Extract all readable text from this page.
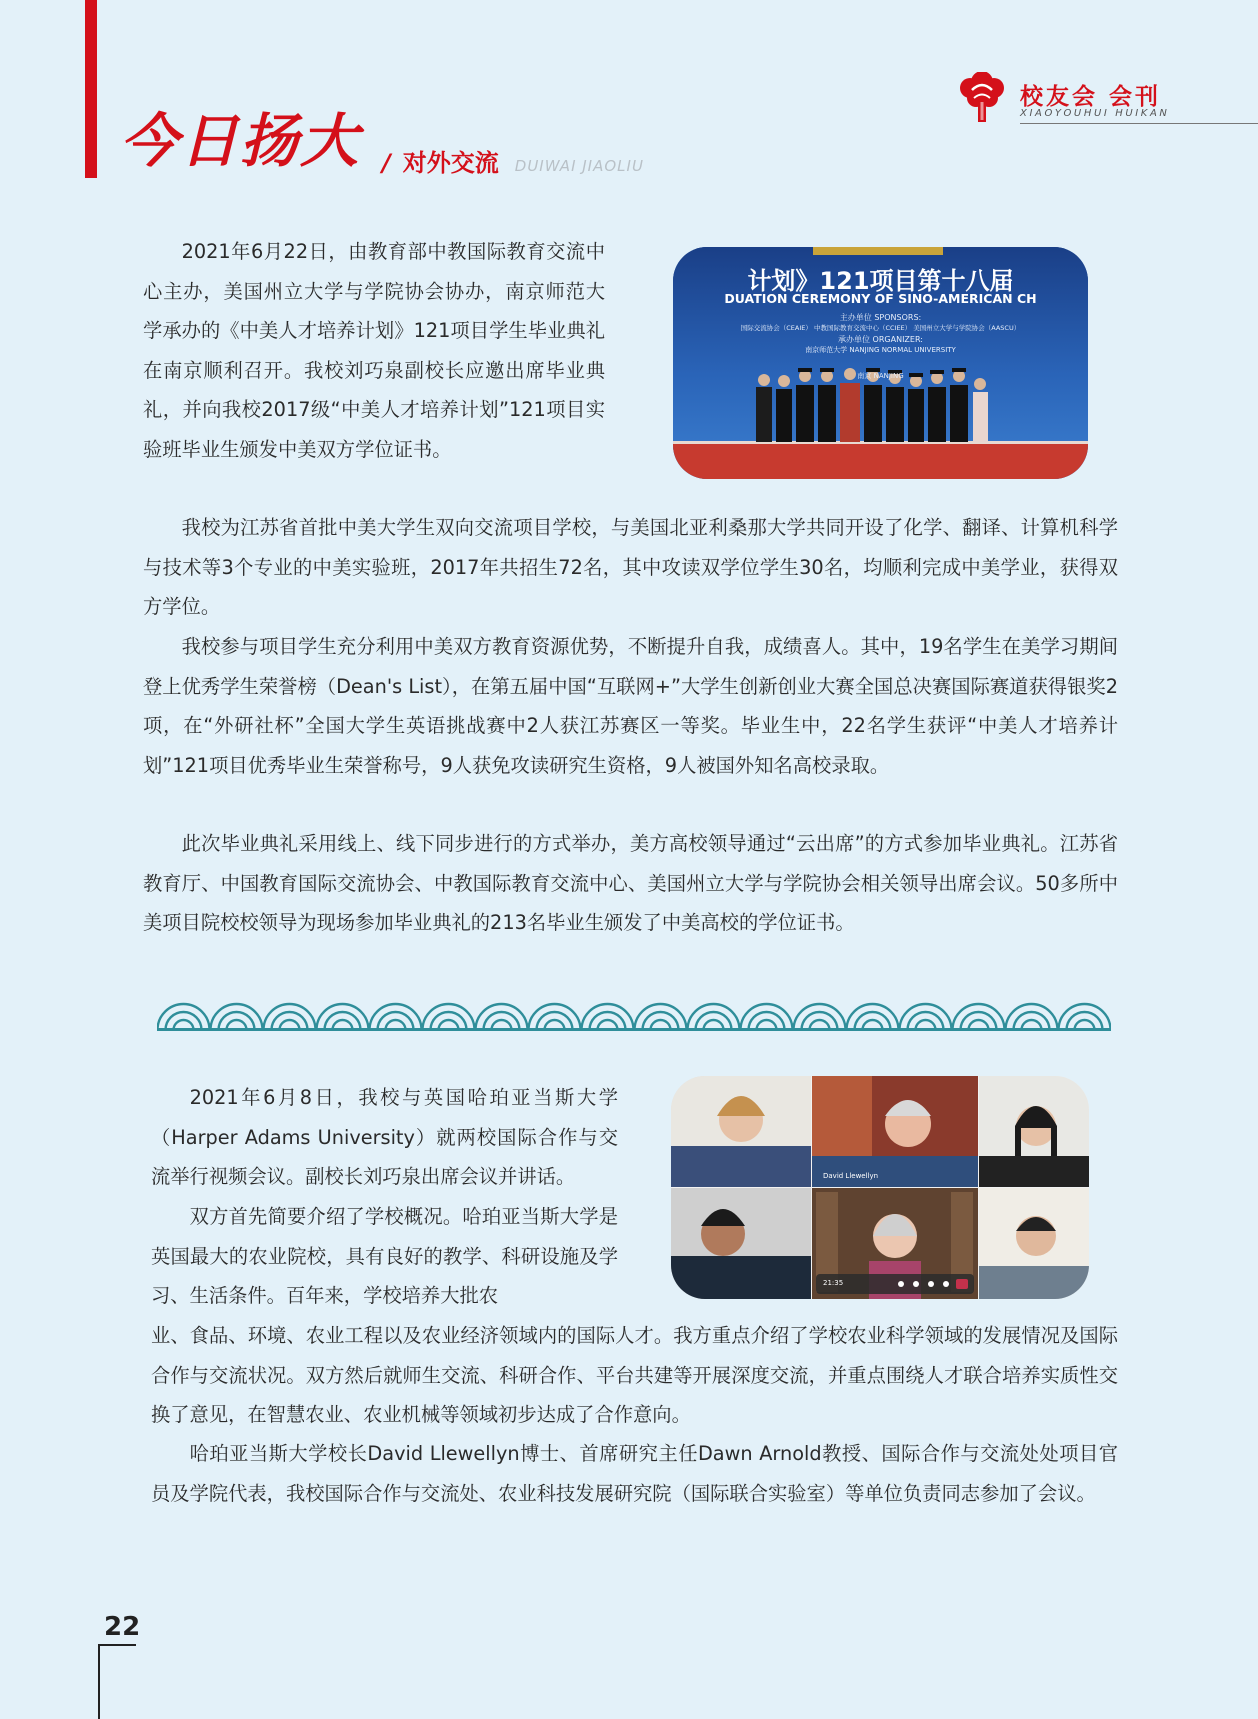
今日扬大 / 对外交流 DUIWAI JIAOLIU
校友会 会刊
XIAOYOUHUI HUIKAN

2021年6月22日，由教育部中教国际教育交流中心主办，美国州立大学与学院协会协办，南京师范大学承办的《中美人才培养计划》121项目学生毕业典礼在南京顺利召开。我校刘巧泉副校长应邀出席毕业典礼，并向我校2017级“中美人才培养计划”121项目实验班毕业生颁发中美双方学位证书。

计划》121项目第十八届
DUATION CEREMONY OF SINO-AMERICAN CH
主办单位 SPONSORS:
国际交流协会（CEAIE） 中教国际教育交流中心（CCIEE） 美国州立大学与学院协会（AASCU）
承办单位 ORGANIZER:
南京师范大学 NANJING NORMAL UNIVERSITY
南京 NANJING

我校为江苏省首批中美大学生双向交流项目学校，与美国北亚利桑那大学共同开设了化学、翻译、计算机科学与技术等3个专业的中美实验班，2017年共招生72名，其中攻读双学位学生30名，均顺利完成中美学业，获得双方学位。

我校参与项目学生充分利用中美双方教育资源优势，不断提升自我，成绩喜人。其中，19名学生在美学习期间登上优秀学生荣誉榜（Dean's List），在第五届中国“互联网+”大学生创新创业大赛全国总决赛国际赛道获得银奖2项，在“外研社杯”全国大学生英语挑战赛中2人获江苏赛区一等奖。毕业生中，22名学生获评“中美人才培养计划”121项目优秀毕业生荣誉称号，9人获免攻读研究生资格，9人被国外知名高校录取。

此次毕业典礼采用线上、线下同步进行的方式举办，美方高校领导通过“云出席”的方式参加毕业典礼。江苏省教育厅、中国教育国际交流协会、中教国际教育交流中心、美国州立大学与学院协会相关领导出席会议。50多所中美项目院校校领导为现场参加毕业典礼的213名毕业生颁发了中美高校的学位证书。

2021年6月8日，我校与英国哈珀亚当斯大学（Harper Adams University）就两校国际合作与交流举行视频会议。副校长刘巧泉出席会议并讲话。	David Llewellyn
21:35

双方首先简要介绍了学校概况。哈珀亚当斯大学是英国最大的农业院校，具有良好的教学、科研设施及学习、生活条件。百年来，学校培养大批农

哈珀亚当斯大学校长David Llewellyn博士、首席研究主任Dawn Arnold教授、国际合作与交流处处项目官员及学院代表，我校国际合作与交流处、农业科技发展研究院（国际联合实验室）等单位负责同志参加了会议。

22

业、食品、环境、农业工程以及农业经济领域内的国际人才。我方重点介绍了学校农业科学领域的发展情况及国际合作与交流状况。双方然后就师生交流、科研合作、平台共建等开展深度交流，并重点围绕人才联合培养实质性交换了意见，在智慧农业、农业机械等领域初步达成了合作意向。
